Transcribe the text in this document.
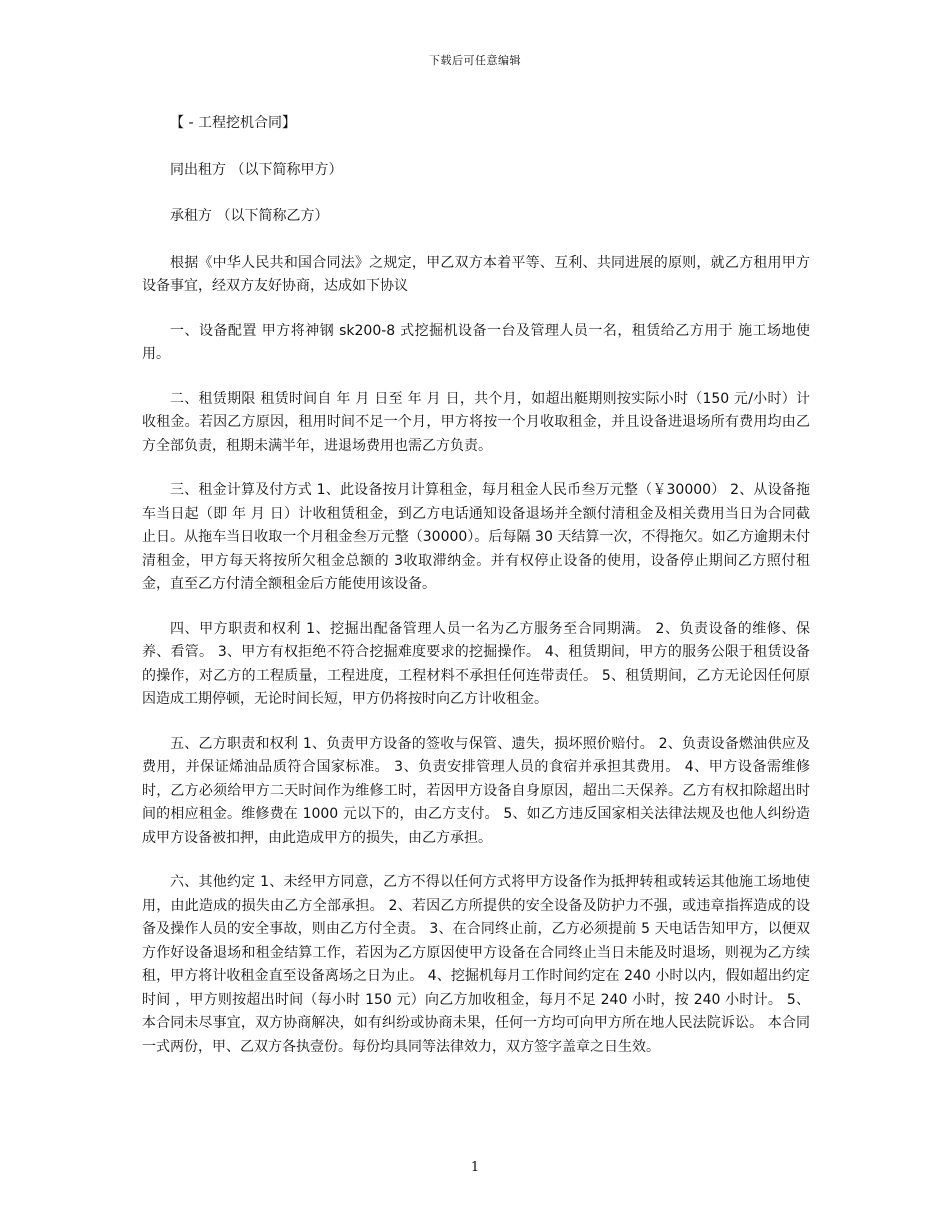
下载后可任意编辑

【 - 工程挖机合同】

同出租方 （以下简称甲方）

承租方 （以下简称乙方）

根据《中华人民共和国合同法》之规定，甲乙双方本着平等、互利、共同进展的原则，就乙方租用甲方设备事宜，经双方友好协商，达成如下协议

一、设备配置 甲方将神钢 sk200-8 式挖掘机设备一台及管理人员一名，租赁给乙方用于 施工场地使用。

二、租赁期限 租赁时间自 年 月 日至 年 月 日，共个月，如超出艇期则按实际小时（150 元/小时）计收租金。若因乙方原因，租用时间不足一个月，甲方将按一个月收取租金，并且设备进退场所有费用均由乙方全部负责，租期未满半年，进退场费用也需乙方负责。

三、租金计算及付方式 1、此设备按月计算租金，每月租金人民币叁万元整（￥30000） 2、从设备拖车当日起（即 年 月 日）计收租赁租金，到乙方电话通知设备退场并全额付清租金及相关费用当日为合同截止日。从拖车当日收取一个月租金叁万元整（30000）。后每隔 30 天结算一次，不得拖欠。如乙方逾期未付清租金，甲方每天将按所欠租金总额的 3收取滞纳金。并有权停止设备的使用，设备停止期间乙方照付租金，直至乙方付清全额租金后方能使用该设备。

四、甲方职责和权利 1、挖掘出配备管理人员一名为乙方服务至合同期满。 2、负责设备的维修、保养、看管。 3、甲方有权拒绝不符合挖掘难度要求的挖掘操作。 4、租赁期间，甲方的服务公限于租赁设备的操作，对乙方的工程质量，工程进度，工程材料不承担任何连带责任。 5、租赁期间，乙方无论因任何原因造成工期停顿，无论时间长短，甲方仍将按时向乙方计收租金。

五、乙方职责和权利 1、负责甲方设备的签收与保管、遗失，损坏照价赔付。 2、负责设备燃油供应及费用，并保证烯油品质符合国家标准。 3、负责安排管理人员的食宿并承担其费用。 4、甲方设备需维修时，乙方必须给甲方二天时间作为维修工时，若因甲方设备自身原因，超出二天保养。乙方有权扣除超出时间的相应租金。维修费在 1000 元以下的，由乙方支付。 5、如乙方违反国家相关法律法规及也他人纠纷造成甲方设备被扣押，由此造成甲方的损失，由乙方承担。

六、其他约定 1、未经甲方同意，乙方不得以任何方式将甲方设备作为抵押转租或转运其他施工场地使用，由此造成的损失由乙方全部承担。 2、若因乙方所提供的安全设备及防护力不强，或违章指挥造成的设备及操作人员的安全事故，则由乙方付全责。 3、在合同终止前，乙方必须提前 5 天电话告知甲方，以便双方作好设备退场和租金结算工作，若因为乙方原因使甲方设备在合同终止当日未能及时退场，则视为乙方续租，甲方将计收租金直至设备离场之日为止。 4、挖掘机每月工作时间约定在 240 小时以内，假如超出约定时间 ，甲方则按超出时间（每小时 150 元）向乙方加收租金，每月不足 240 小时，按 240 小时计。 5、本合同未尽事宜，双方协商解决，如有纠纷或协商未果，任何一方均可向甲方所在地人民法院诉讼。 本合同一式两份，甲、乙双方各执壹份。每份均具同等法律效力，双方签字盖章之日生效。

1
